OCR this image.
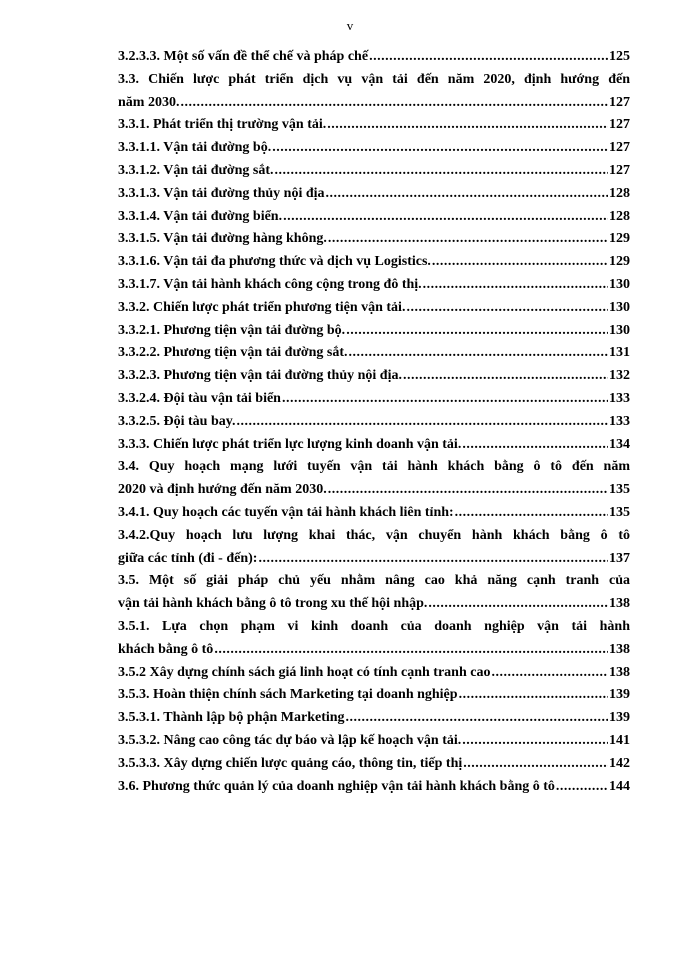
v
3.2.3.3. Một số vấn đề thể chế và pháp chế .....	125
3.3. Chiến lược phát triển dịch vụ vận tải đến năm 2020, định hướng đến
năm 2030. .....	127
3.3.1. Phát triển thị trường vận tải. .....	127
3.3.1.1. Vận tải đường bộ. .....	127
3.3.1.2. Vận tải đường sắt. .....	127
3.3.1.3. Vận tải đường thủy nội địa .....	128
3.3.1.4. Vận tải đường biển. .....	128
3.3.1.5. Vận tải đường hàng không. .....	129
3.3.1.6. Vận tải đa phương thức và dịch vụ Logistics. .....	129
3.3.1.7. Vận tải hành khách công cộng trong đô thị. .....	130
3.3.2. Chiến lược phát triển phương tiện vận tải. .....	130
3.3.2.1. Phương tiện vận tải đường bộ. .....	130
3.3.2.2. Phương tiện vận tải đường sắt. .....	131
3.3.2.3. Phương tiện vận tải đường thủy nội địa. .....	132
3.3.2.4. Đội tàu vận tải biển .....	133
3.3.2.5. Đội tàu bay. .....	133
3.3.3. Chiến lược phát triển lực lượng kinh doanh vận tải. .....	134
3.4. Quy hoạch mạng lưới tuyến vận tải hành khách bằng ô tô đến năm
2020 và định hướng đến năm 2030. .....	135
3.4.1. Quy hoạch các tuyến vận tải hành khách liên tỉnh: .....	135
3.4.2.Quy hoạch lưu lượng khai thác, vận chuyển hành khách bằng ô tô
giữa các tỉnh (đi - đến): .....	137
3.5. Một số giải pháp chủ yếu nhằm nâng cao khả năng cạnh tranh của
vận tải hành khách bằng ô tô trong xu thế hội nhập. .....	138
3.5.1. Lựa chọn phạm vi kinh doanh của doanh nghiệp vận tải hành
khách bằng ô tô .....	138
3.5.2 Xây dựng chính sách giá linh hoạt có tính cạnh tranh cao .....	138
3.5.3. Hoàn thiện chính sách Marketing tại doanh nghiệp .....	139
3.5.3.1. Thành lập bộ phận Marketing .....	139
3.5.3.2. Nâng cao công tác dự báo và lập kế hoạch vận tải. .....	141
3.5.3.3. Xây dựng chiến lược quảng cáo, thông tin, tiếp thị .....	142
3.6. Phương thức quản lý của doanh nghiệp vận tải hành khách bằng ô tô .....	144
